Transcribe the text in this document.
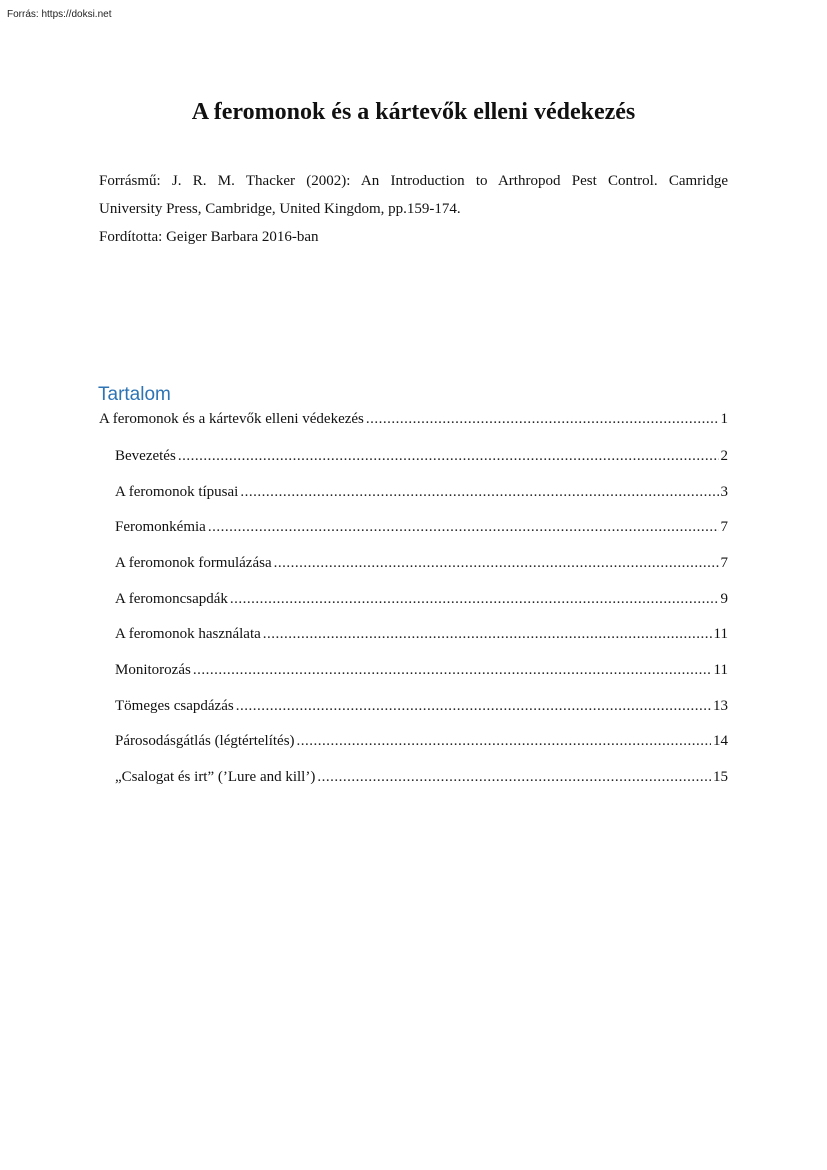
Forrás: https://doksi.net
A feromonok és a kártevők elleni védekezés

Forrásmű: J. R. M. Thacker (2002): An Introduction to Arthropod Pest Control. Camridge

University Press, Cambridge, United Kingdom, pp.159-174.

Fordította: Geiger Barbara 2016-ban

Tartalom
A feromonok és a kártevők elleni védekezés .....	1
Bevezetés .....	2
A feromonok típusai .....	3
Feromonkémia .....	7
A feromonok formulázása .....	7
A feromoncsapdák .....	9
A feromonok használata .....	11
Monitorozás .....	11
Tömeges csapdázás .....	13
Párosodásgátlás (légtértelítés) .....	14
„Csalogat és irt” (’Lure and kill’) .....	15
